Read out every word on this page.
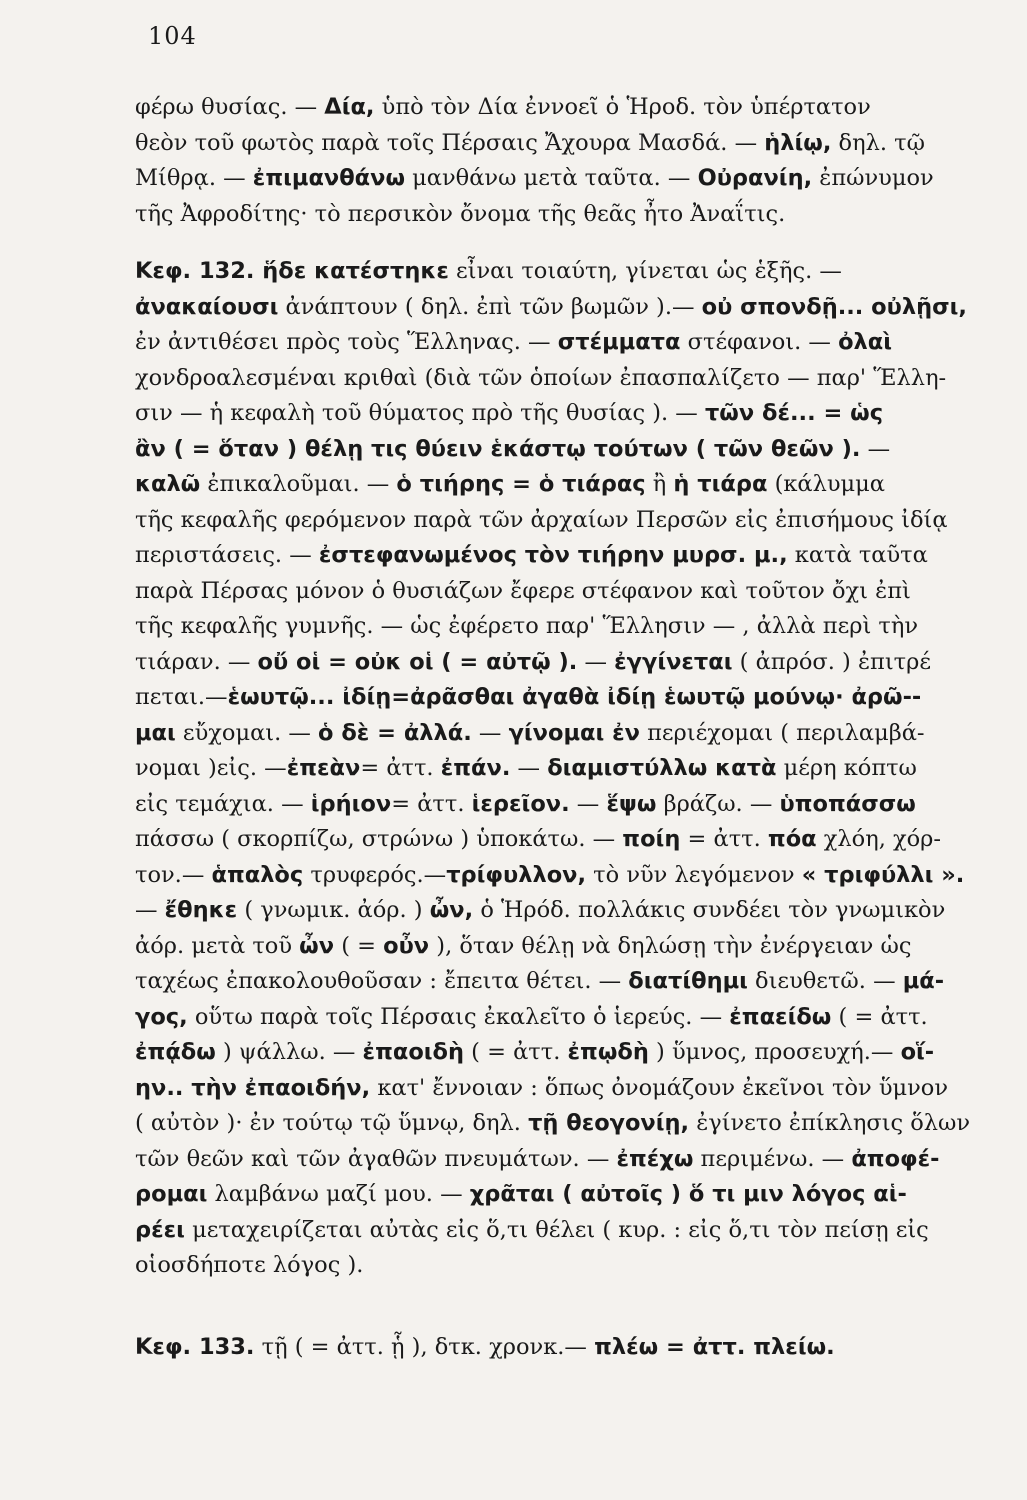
104
φέρω θυσίας. — Δία, ὑπὸ τὸν Δία ἐννοεῖ ὁ Ἡροδ. τὸν ὑπέρτατον
θεὸν τοῦ φωτὸς παρὰ τοῖς Πέρσαις Ἄχουρα Μασδά. — ἡλίῳ, δηλ. τῷ
Μίθρᾳ. — ἐπιμανθάνω μανθάνω μετὰ ταῦτα. — Οὐρανίη, ἐπώνυμον
τῆς Ἀφροδίτης· τὸ περσικὸν ὄνομα τῆς θεᾶς ἦτο Ἀναΐτις.
Κεφ. 132. ἥδε κατέστηκε εἶναι τοιαύτη, γίνεται ὡς ἑξῆς. —
ἀνακαίουσι ἀνάπτουν ( δηλ. ἐπὶ τῶν βωμῶν ).— οὐ σπονδῇ... οὐλῇσι,
ἐν ἀντιθέσει πρὸς τοὺς Ἕλληνας. — στέμματα στέφανοι. — ὀλαὶ
χονδροαλεσμέναι κριθαὶ (διὰ τῶν ὁποίων ἐπασπαλίζετο — παρ' Ἕλλη-
σιν — ἡ κεφαλὴ τοῦ θύματος πρὸ τῆς θυσίας ). — τῶν δέ... = ὡς
ἂν ( = ὅταν ) θέλῃ τις θύειν ἑκάστῳ τούτων ( τῶν θεῶν ). —
καλῶ ἐπικαλοῦμαι. — ὁ τιήρης = ὁ τιάρας ἢ ἡ τιάρα (κάλυμμα
τῆς κεφαλῆς φερόμενον παρὰ τῶν ἀρχαίων Περσῶν εἰς ἐπισήμους ἰδίᾳ
περιστάσεις. — ἐστεφανωμένος τὸν τιήρην μυρσ. μ., κατὰ ταῦτα
παρὰ Πέρσας μόνον ὁ θυσιάζων ἔφερε στέφανον καὶ τοῦτον ὄχι ἐπὶ
τῆς κεφαλῆς γυμνῆς. — ὡς ἐφέρετο παρ' Ἕλλησιν — , ἀλλὰ περὶ τὴν
τιάραν. — οὔ οἱ = οὐκ οἱ ( = αὐτῷ ). — ἐγγίνεται ( ἀπρόσ. ) ἐπιτρέ
πεται.—ἑωυτῷ... ἰδίῃ=ἀρᾶσθαι ἀγαθὰ ἰδίῃ ἑωυτῷ μούνῳ· ἀρῶ--
μαι εὔχομαι. — ὁ δὲ = ἀλλά. — γίνομαι ἐν περιέχομαι ( περιλαμβά-
νομαι )εἰς. —ἐπεὰν= ἀττ. ἐπάν. — διαμιστύλλω κατὰ μέρη κόπτω
εἰς τεμάχια. — ἱρήιον= ἀττ. ἱερεῖον. — ἕψω βράζω. — ὑποπάσσω
πάσσω ( σκορπίζω, στρώνω ) ὑποκάτω. — ποίη = ἀττ. πόα χλόη, χόρ-
τον.— ἁπαλὸς τρυφερός.—τρίφυλλον, τὸ νῦν λεγόμενον « τριφύλλι ».
— ἔθηκε ( γνωμικ. ἀόρ. ) ὦν, ὁ Ἡρόδ. πολλάκις συνδέει τὸν γνωμικὸν
ἀόρ. μετὰ τοῦ ὦν ( = οὖν ), ὅταν θέλῃ νὰ δηλώσῃ τὴν ἐνέργειαν ὡς
ταχέως ἐπακολουθοῦσαν : ἔπειτα θέτει. — διατίθημι διευθετῶ. — μά-
γος, οὕτω παρὰ τοῖς Πέρσαις ἐκαλεῖτο ὁ ἱερεύς. — ἐπαείδω ( = ἀττ.
ἐπᾴδω ) ψάλλω. — ἐπαοιδὴ ( = ἀττ. ἐπῳδὴ ) ὕμνος, προσευχή.— οἵ-
ην.. τὴν ἐπαοιδήν, κατ' ἔννοιαν : ὅπως ὀνομάζουν ἐκεῖνοι τὸν ὕμνον
( αὐτὸν )· ἐν τούτῳ τῷ ὕμνῳ, δηλ. τῇ θεογονίῃ, ἐγίνετο ἐπίκλησις ὅλων
τῶν θεῶν καὶ τῶν ἀγαθῶν πνευμάτων. — ἐπέχω περιμένω. — ἀποφέ-
ρομαι λαμβάνω μαζί μου. — χρᾶται ( αὐτοῖς ) ὅ τι μιν λόγος αἱ-
ρέει μεταχειρίζεται αὐτὰς εἰς ὅ,τι θέλει ( κυρ. : εἰς ὅ,τι τὸν πείσῃ εἰς
οἱοσδήποτε λόγος ).
Κεφ. 133. τῇ ( = ἀττ. ᾗ ), δτκ. χρονκ.— πλέω = ἀττ. πλείω.
